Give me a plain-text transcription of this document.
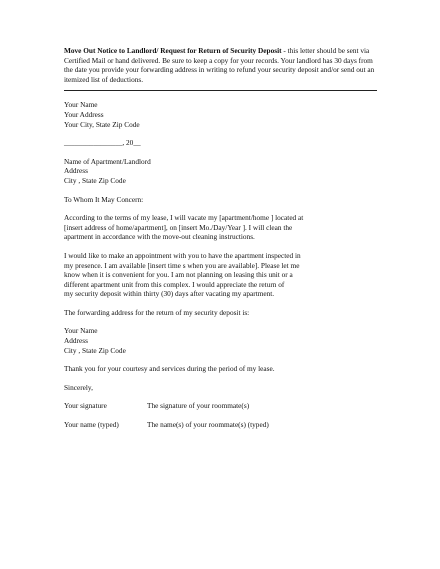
Move Out Notice to Landlord/ Request for Return of Security Deposit - this letter should be sent via Certified Mail or hand delivered. Be sure to keep a copy for your records. Your landlord has 30 days from the date you provide your forwarding address in writing to refund your security deposit and/or send out an itemized list of deductions.

Your Name
Your Address
Your City, State Zip Code
________________, 20__
Name of Apartment/Landlord
Address
City , State Zip Code
To Whom It May Concern:
According to the terms of my lease, I will vacate my [apartment/home ] located at
[insert address of home/apartment], on [insert Mo./Day/Year ]. I will clean the
apartment in accordance with the move-out cleaning instructions.
I would like to make an appointment with you to have the apartment inspected in
my presence. I am available [insert time s when you are available]. Please let me
know when it is convenient for you. I am not planning on leasing this unit or a
different apartment unit from this complex. I would appreciate the return of
my security deposit within thirty (30) days after vacating my apartment.
The forwarding address for the return of my security deposit is:
Your Name
Address
City , State Zip Code
Thank you for your courtesy and services during the period of my lease.
Sincerely,
Your signature	The signature of your roommate(s)
Your name (typed)	The name(s) of your roommate(s) (typed)
